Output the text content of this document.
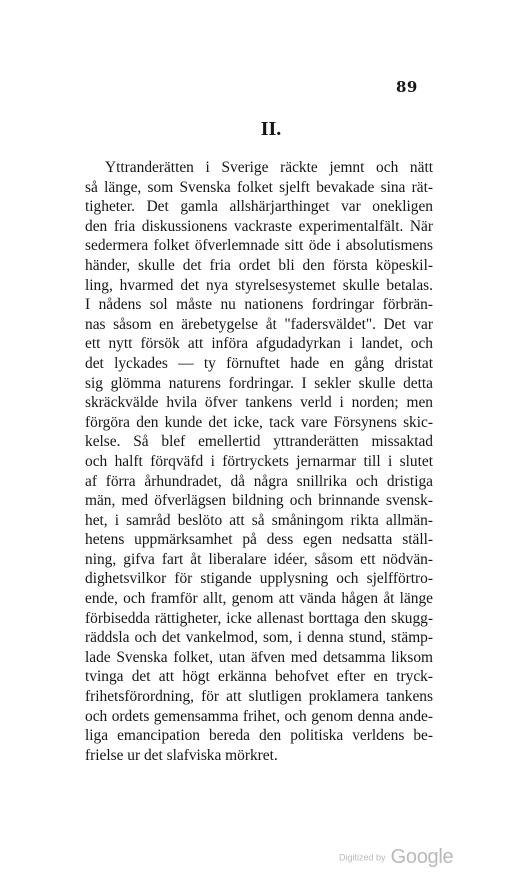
89
II.
Yttranderätten i Sverige räckte jemnt och nätt
så länge, som Svenska folket sjelft bevakade sina rät-
tigheter. Det gamla allshärjarthinget var onekligen
den fria diskussionens vackraste experimentalfält. När
sedermera folket öfverlemnade sitt öde i absolutismens
händer, skulle det fria ordet bli den första köpeskil-
ling, hvarmed det nya styrelsesystemet skulle betalas.
I nådens sol måste nu nationens fordringar förbrän-
nas såsom en ärebetygelse åt "fadersväldet". Det var
ett nytt försök att införa afgudadyrkan i landet, och
det lyckades — ty förnuftet hade en gång dristat
sig glömma naturens fordringar. I sekler skulle detta
skräckvälde hvila öfver tankens verld i norden; men
förgöra den kunde det icke, tack vare Försynens skic-
kelse. Så blef emellertid yttranderätten missaktad
och halft förqväfd i förtryckets jernarmar till i slutet
af förra århundradet, då några snillrika och dristiga
män, med öfverlägsen bildning och brinnande svensk-
het, i samråd beslöto att så småningom rikta allmän-
hetens uppmärksamhet på dess egen nedsatta ställ-
ning, gifva fart åt liberalare idéer, såsom ett nödvän-
dighetsvilkor för stigande upplysning och sjelfförtro-
ende, och framför allt, genom att vända hågen åt länge
förbisedda rättigheter, icke allenast borttaga den skugg-
räddsla och det vankelmod, som, i denna stund, stämp-
lade Svenska folket, utan äfven med detsamma liksom
tvinga det att högt erkänna behofvet efter en tryck-
frihetsförordning, för att slutligen proklamera tankens
och ordets gemensamma frihet, och genom denna ande-
liga emancipation bereda den politiska verldens be-
frielse ur det slafviska mörkret.
Digitized by Google
